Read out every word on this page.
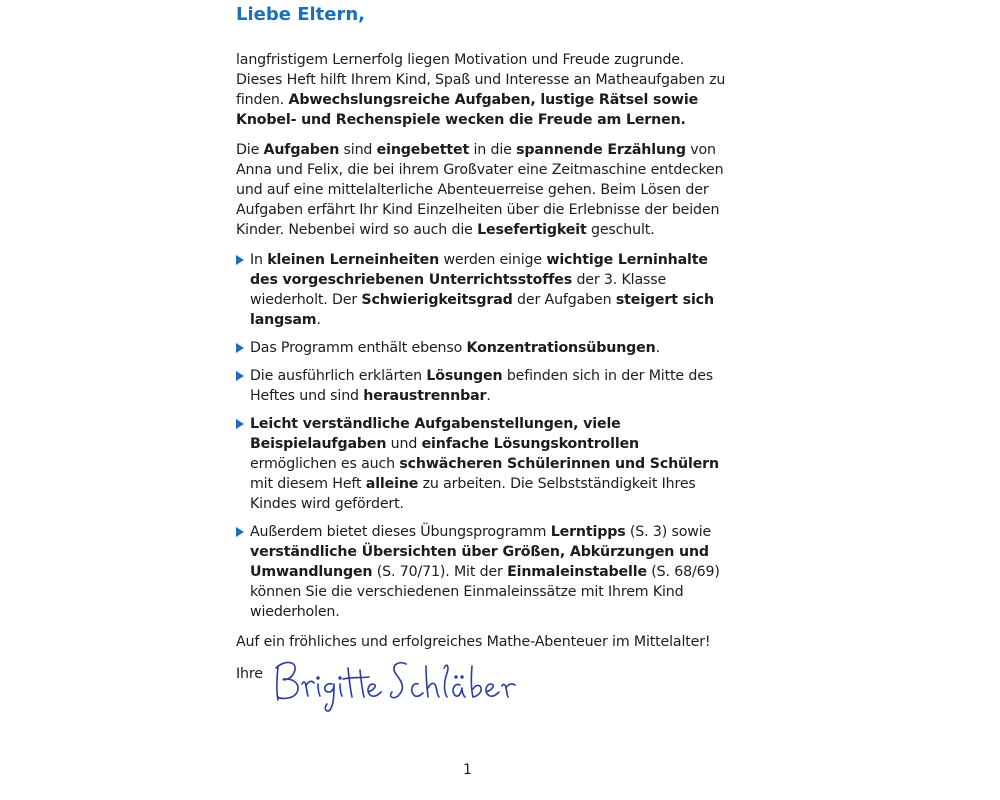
Liebe Eltern,

langfristigem Lernerfolg liegen Motivation und Freude zugrunde. Dieses Heft hilft Ihrem Kind, Spaß und Interesse an Matheaufgaben zu finden. Abwechslungsreiche Aufgaben, lustige Rätsel sowie Knobel- und Rechenspiele wecken die Freude am Lernen.

Die Aufgaben sind eingebettet in die spannende Erzählung von Anna und Felix, die bei ihrem Großvater eine Zeitmaschine entdecken und auf eine mittelalterliche Abenteuerreise gehen. Beim Lösen der Aufgaben erfährt Ihr Kind Einzelheiten über die Erlebnisse der beiden Kinder. Nebenbei wird so auch die Lesefertigkeit geschult.

In kleinen Lerneinheiten werden einige wichtige Lerninhalte des vorgeschriebenen Unterrichtsstoffes der 3. Klasse wiederholt. Der Schwierigkeitsgrad der Aufgaben steigert sich langsam.
Das Programm enthält ebenso Konzentrationsübungen.
Die ausführlich erklärten Lösungen befinden sich in der Mitte des Heftes und sind heraustrennbar.
Leicht verständliche Aufgabenstellungen, viele Beispielaufgaben und einfache Lösungskontrollen ermöglichen es auch schwächeren Schülerinnen und Schülern mit diesem Heft alleine zu arbeiten. Die Selbstständigkeit Ihres Kindes wird gefördert.
Außerdem bietet dieses Übungsprogramm Lerntipps (S. 3) sowie verständliche Übersichten über Größen, Abkürzungen und Umwandlungen (S. 70/71). Mit der Einmaleinstabelle (S. 68/69) können Sie die verschiedenen Einmaleinssätze mit Ihrem Kind wiederholen.

Auf ein fröhliches und erfolgreiches Mathe-Abenteuer im Mittelalter!

Ihre
1
